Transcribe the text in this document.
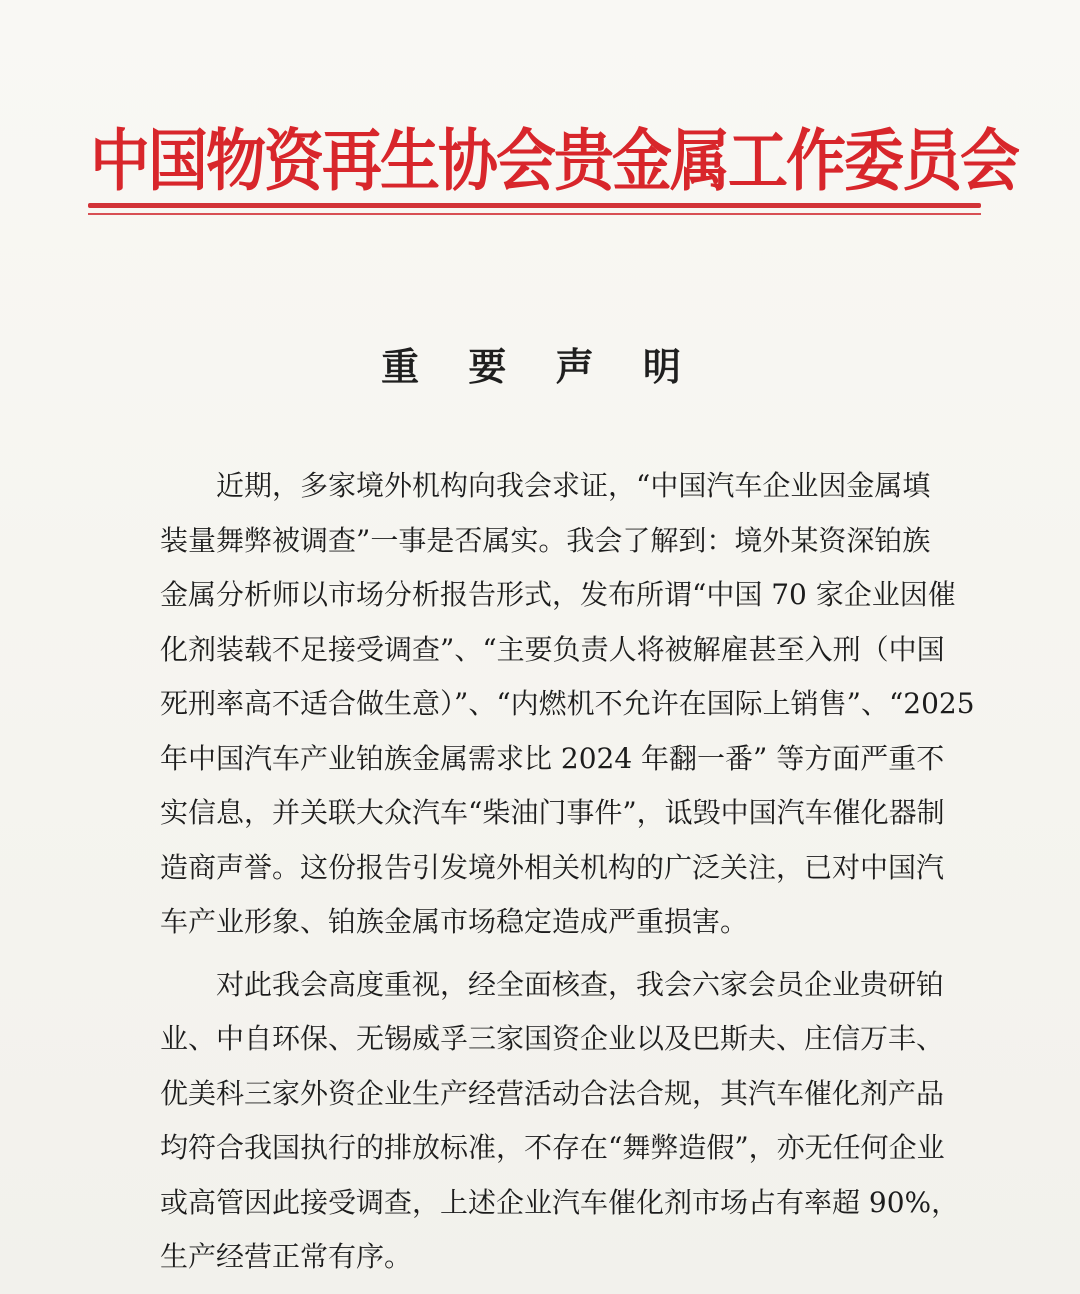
中国物资再生协会贵金属工作委员会
重 要 声 明
近期，多家境外机构向我会求证，“中国汽车企业因金属填
装量舞弊被调查”一事是否属实。我会了解到：境外某资深铂族
金属分析师以市场分析报告形式，发布所谓“中国 70 家企业因催
化剂装载不足接受调查”、“主要负责人将被解雇甚至入刑（中国
死刑率高不适合做生意）”、“内燃机不允许在国际上销售”、“2025
年中国汽车产业铂族金属需求比 2024 年翻一番” 等方面严重不
实信息，并关联大众汽车“柴油门事件”，诋毁中国汽车催化器制
造商声誉。这份报告引发境外相关机构的广泛关注，已对中国汽
车产业形象、铂族金属市场稳定造成严重损害。
对此我会高度重视，经全面核查，我会六家会员企业贵研铂
业、中自环保、无锡威孚三家国资企业以及巴斯夫、庄信万丰、
优美科三家外资企业生产经营活动合法合规，其汽车催化剂产品
均符合我国执行的排放标准，不存在“舞弊造假”，亦无任何企业
或高管因此接受调查，上述企业汽车催化剂市场占有率超 90%，
生产经营正常有序。
